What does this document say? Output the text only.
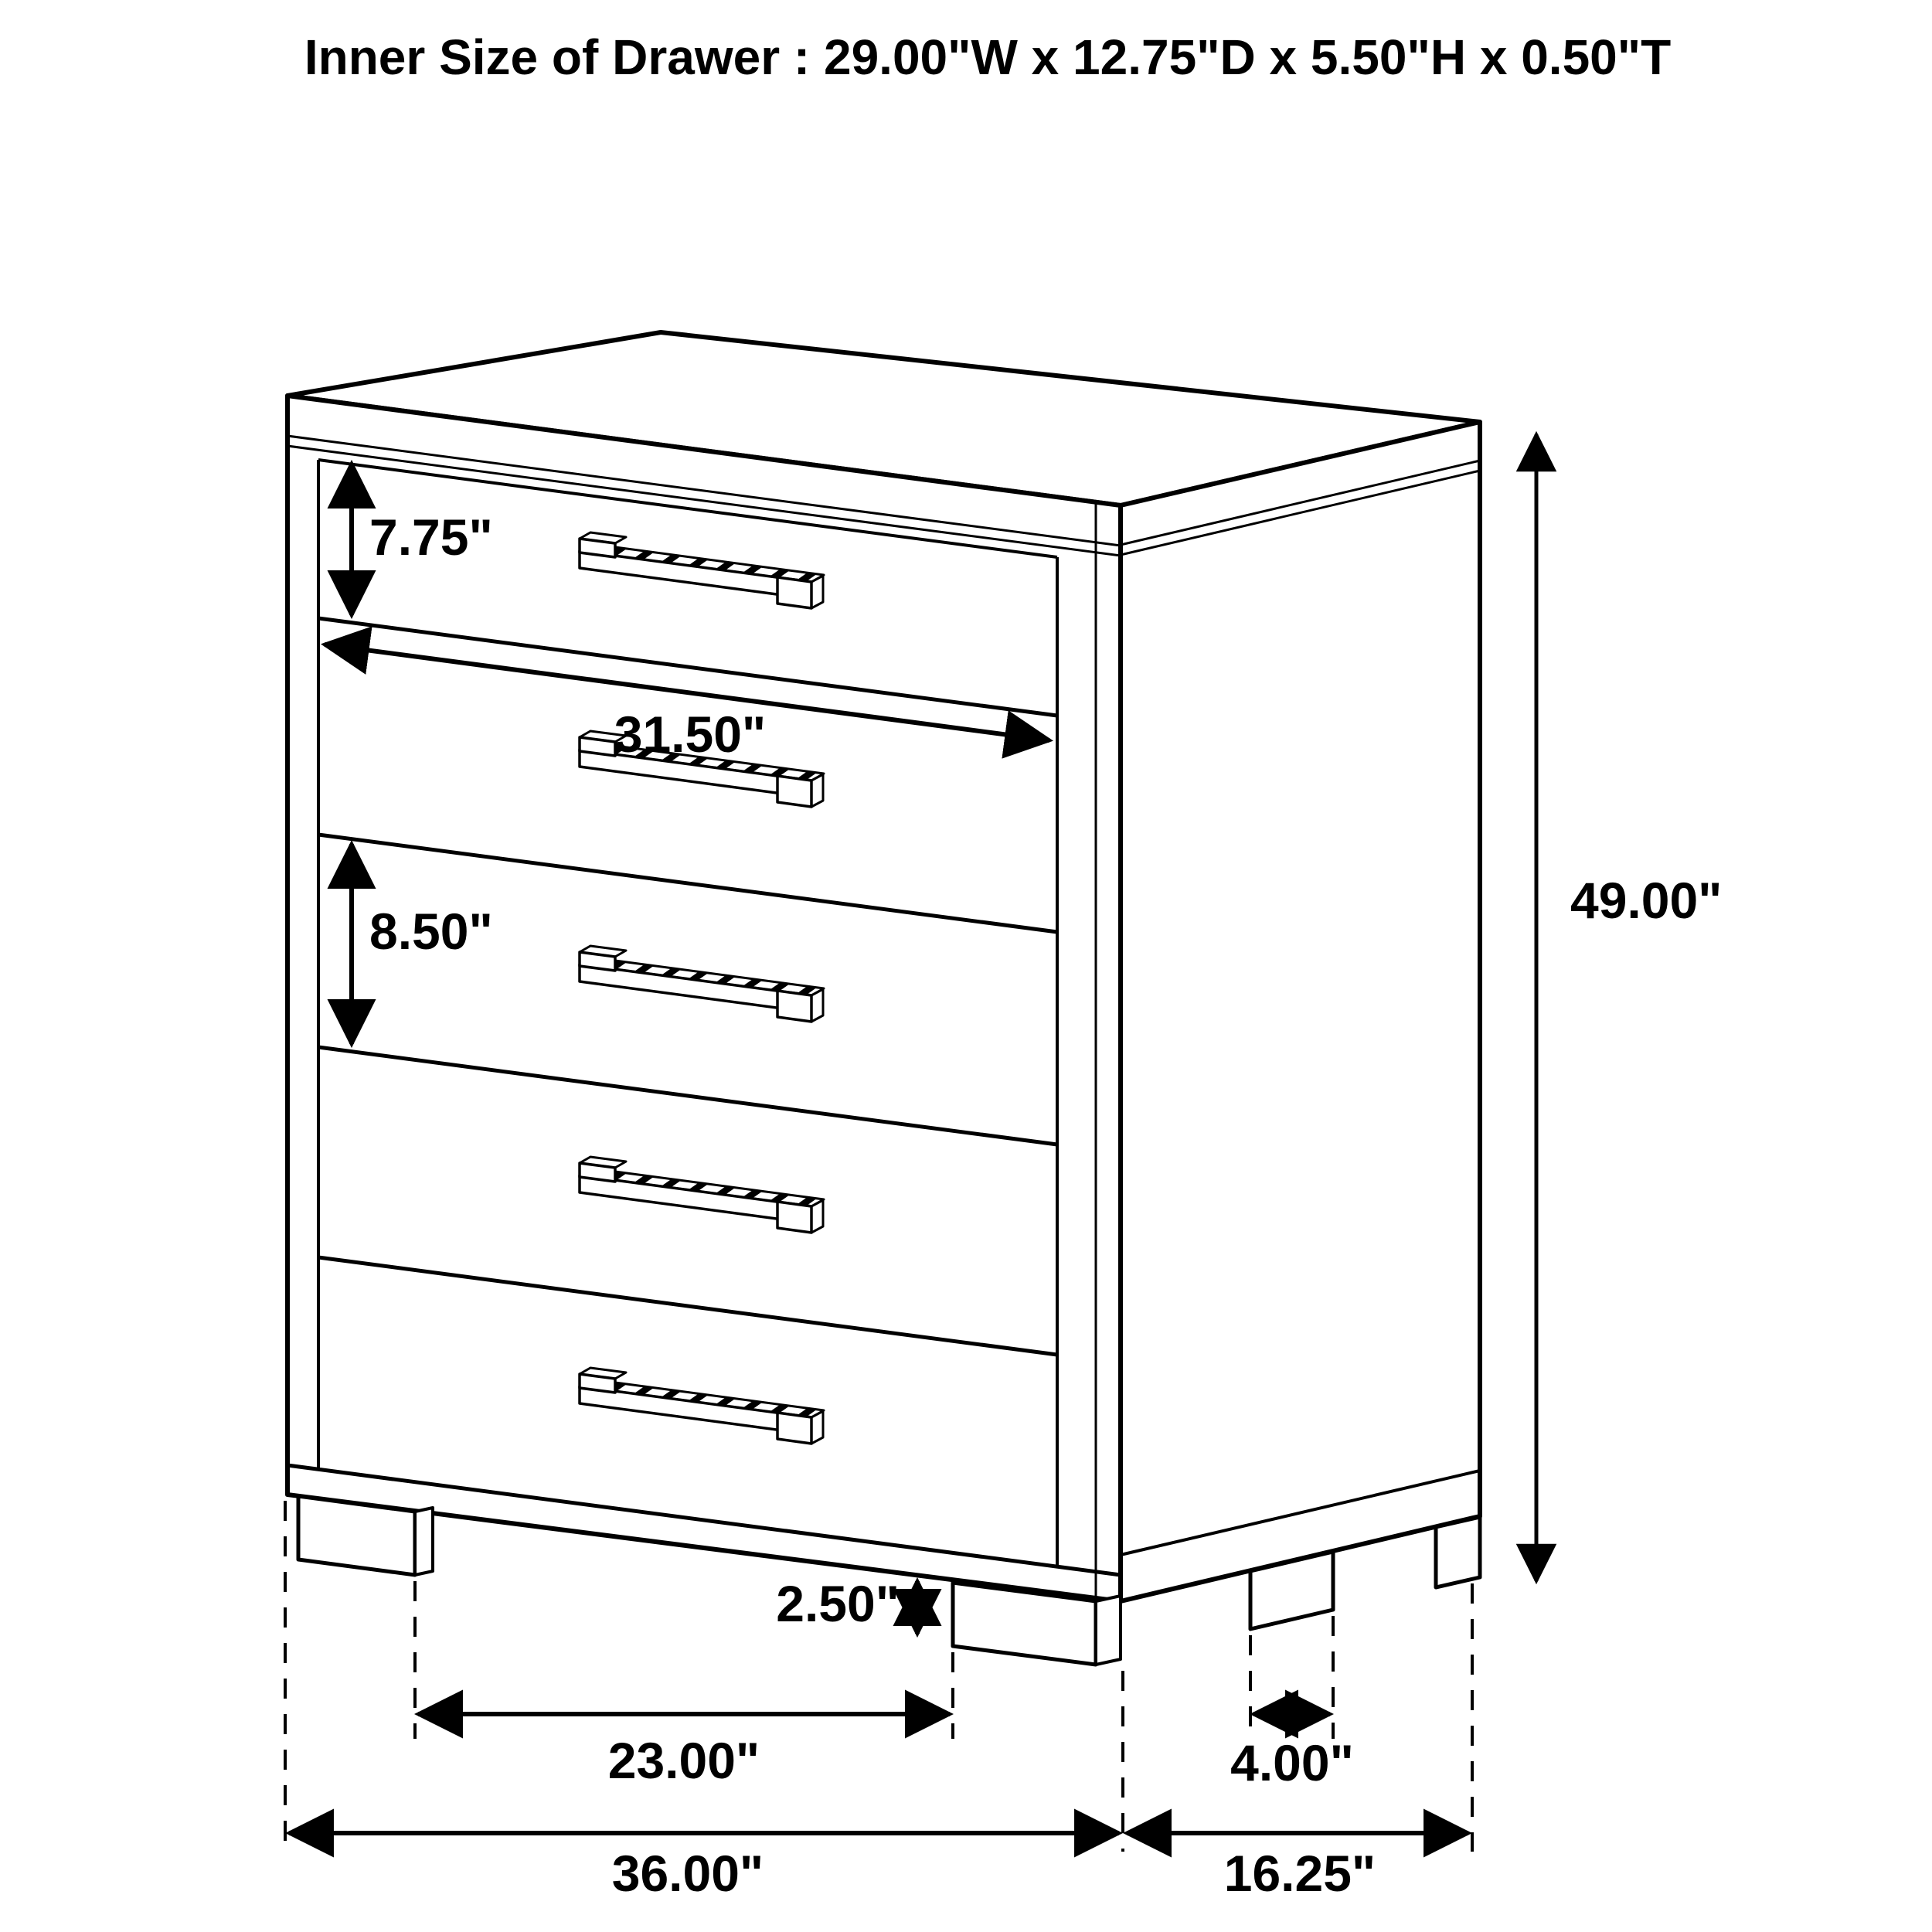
Inner Size of Drawer : 29.00"W x 12.75"D x 5.50"H x 0.50"T
7.75"
31.50"
8.50"
49.00"
2.50"
23.00"	4.00"
36.00"	16.25"
